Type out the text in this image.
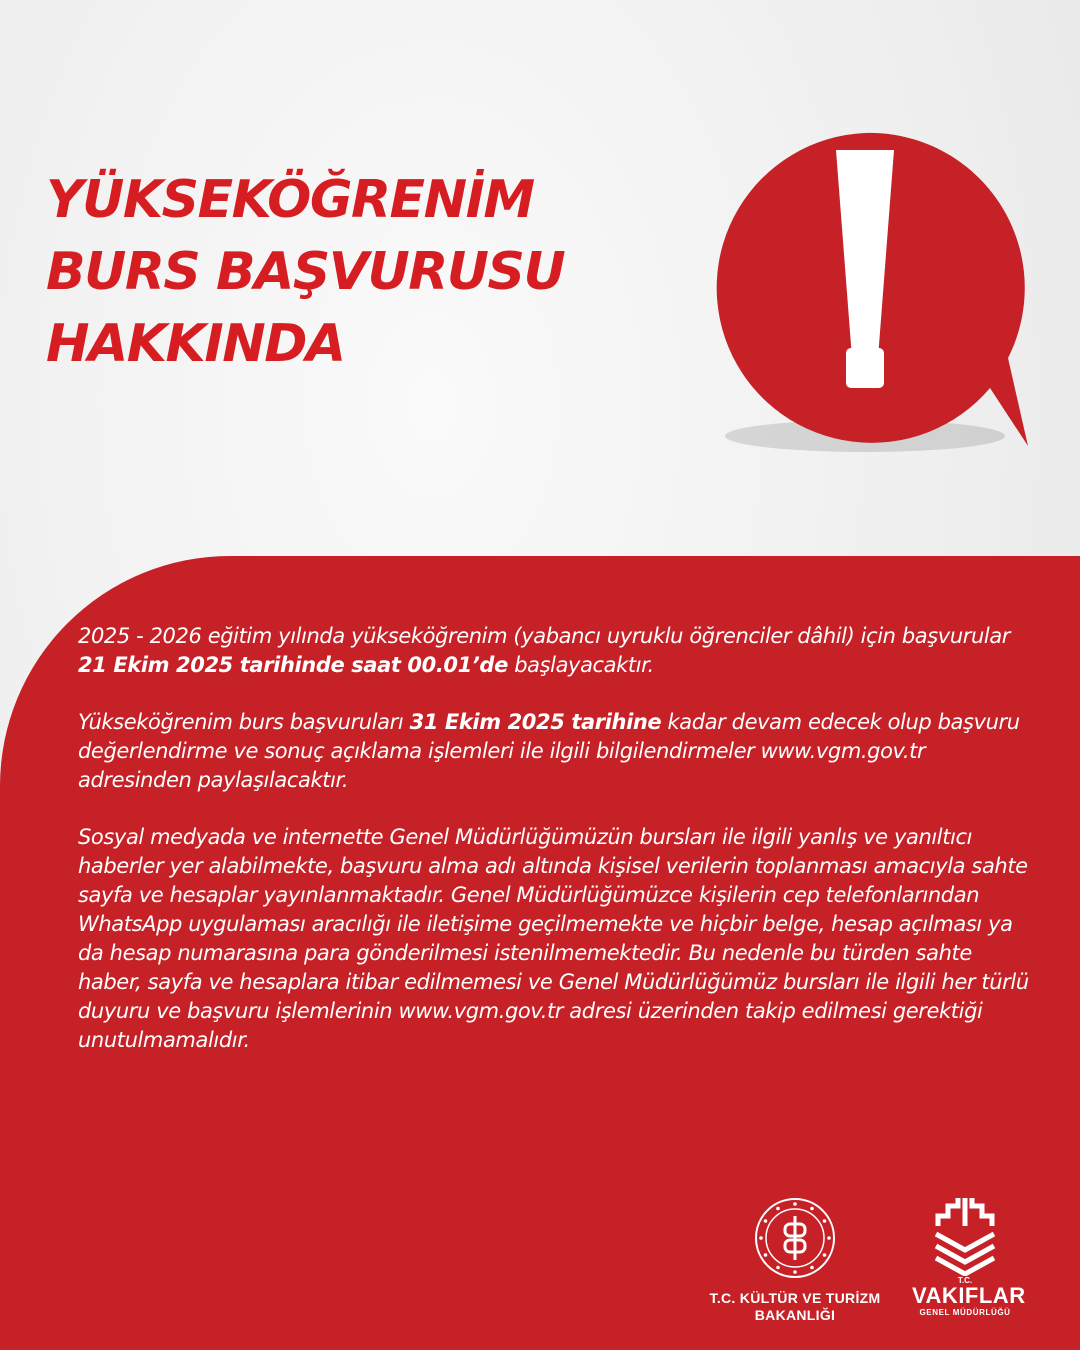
YÜKSEKÖĞRENİM
BURS BAŞVURUSU
HAKKINDA

2025 - 2026 eğitim yılında yükseköğrenim (yabancı uyruklu öğrenciler dâhil) için başvurular 21 Ekim 2025 tarihinde saat 00.01’de başlayacaktır.

Yükseköğrenim burs başvuruları 31 Ekim 2025 tarihine kadar devam edecek olup başvuru değerlendirme ve sonuç açıklama işlemleri ile ilgili bilgilendirmeler www.vgm.gov.tr adresinden paylaşılacaktır.

Sosyal medyada ve internette Genel Müdürlüğümüzün bursları ile ilgili yanlış ve yanıltıcı haberler yer alabilmekte, başvuru alma adı altında kişisel verilerin toplanması amacıyla sahte sayfa ve hesaplar yayınlanmaktadır. Genel Müdürlüğümüzce kişilerin cep telefonlarından WhatsApp uygulaması aracılığı ile iletişime geçilmemekte ve hiçbir belge, hesap açılması ya da hesap numarasına para gönderilmesi istenilmemektedir. Bu nedenle bu türden sahte haber, sayfa ve hesaplara itibar edilmemesi ve Genel Müdürlüğümüz bursları ile ilgili her türlü duyuru ve başvuru işlemlerinin www.vgm.gov.tr adresi üzerinden takip edilmesi gerektiği unutulmamalıdır.

T.C. KÜLTÜR VE TURİZM
BAKANLIĞI
T.C.
VAKIFLAR
GENEL MÜDÜRLÜĞÜ
